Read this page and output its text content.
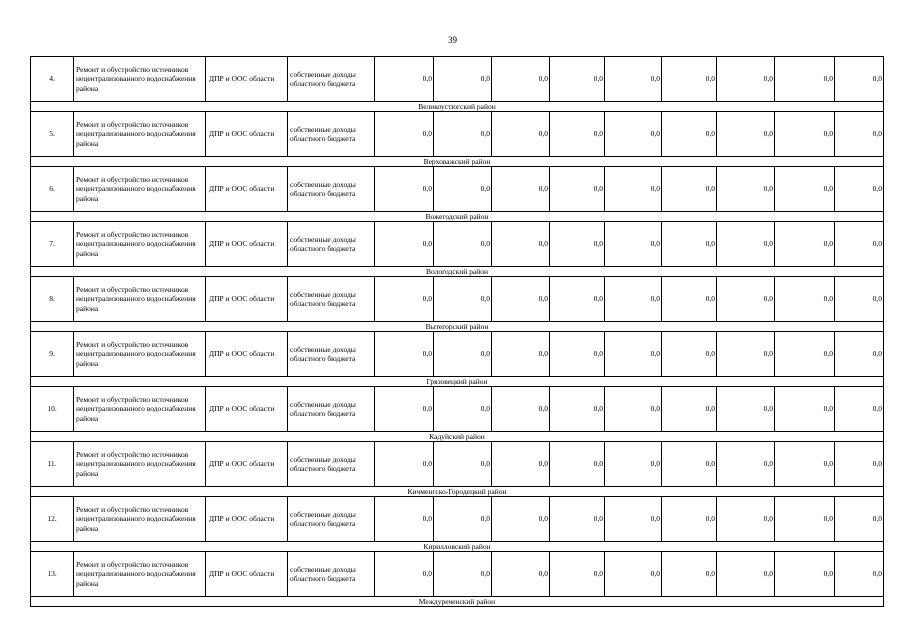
39
4.	Ремонт и обустройство источников нецентрализованного водоснабжения района	ДПР и ООС области	собственные доходы областного бюджета	0,0	0,0	0,0	0,0	0,0	0,0	0,0	0,0	0,0
Великоустюгский район												
5.	Ремонт и обустройство источников нецентрализованного водоснабжения района	ДПР и ООС области	собственные доходы областного бюджета	0,0	0,0	0,0	0,0	0,0	0,0	0,0	0,0	0,0
Верховажский район												
6.	Ремонт и обустройство источников нецентрализованного водоснабжения района	ДПР и ООС области	собственные доходы областного бюджета	0,0	0,0	0,0	0,0	0,0	0,0	0,0	0,0	0,0
Вожегодский район												
7.	Ремонт и обустройство источников нецентрализованного водоснабжения района	ДПР и ООС области	собственные доходы областного бюджета	0,0	0,0	0,0	0,0	0,0	0,0	0,0	0,0	0,0
Вологодский район												
8.	Ремонт и обустройство источников нецентрализованного водоснабжения района	ДПР и ООС области	собственные доходы областного бюджета	0,0	0,0	0,0	0,0	0,0	0,0	0,0	0,0	0,0
Вытегорский район												
9.	Ремонт и обустройство источников нецентрализованного водоснабжения района	ДПР и ООС области	собственные доходы областного бюджета	0,0	0,0	0,0	0,0	0,0	0,0	0,0	0,0	0,0
Грязовецкий район												
10.	Ремонт и обустройство источников нецентрализованного водоснабжения района	ДПР и ООС области	собственные доходы областного бюджета	0,0	0,0	0,0	0,0	0,0	0,0	0,0	0,0	0,0
Кадуйский район												
11.	Ремонт и обустройство источников нецентрализованного водоснабжения района	ДПР и ООС области	собственные доходы областного бюджета	0,0	0,0	0,0	0,0	0,0	0,0	0,0	0,0	0,0
Кичменгско-Городецкий район												
12.	Ремонт и обустройство источников нецентрализованного водоснабжения района	ДПР и ООС области	собственные доходы областного бюджета	0,0	0,0	0,0	0,0	0,0	0,0	0,0	0,0	0,0
Кирилловский район												
13.	Ремонт и обустройство источников нецентрализованного водоснабжения района	ДПР и ООС области	собственные доходы областного бюджета	0,0	0,0	0,0	0,0	0,0	0,0	0,0	0,0	0,0
Междуреченский район												
